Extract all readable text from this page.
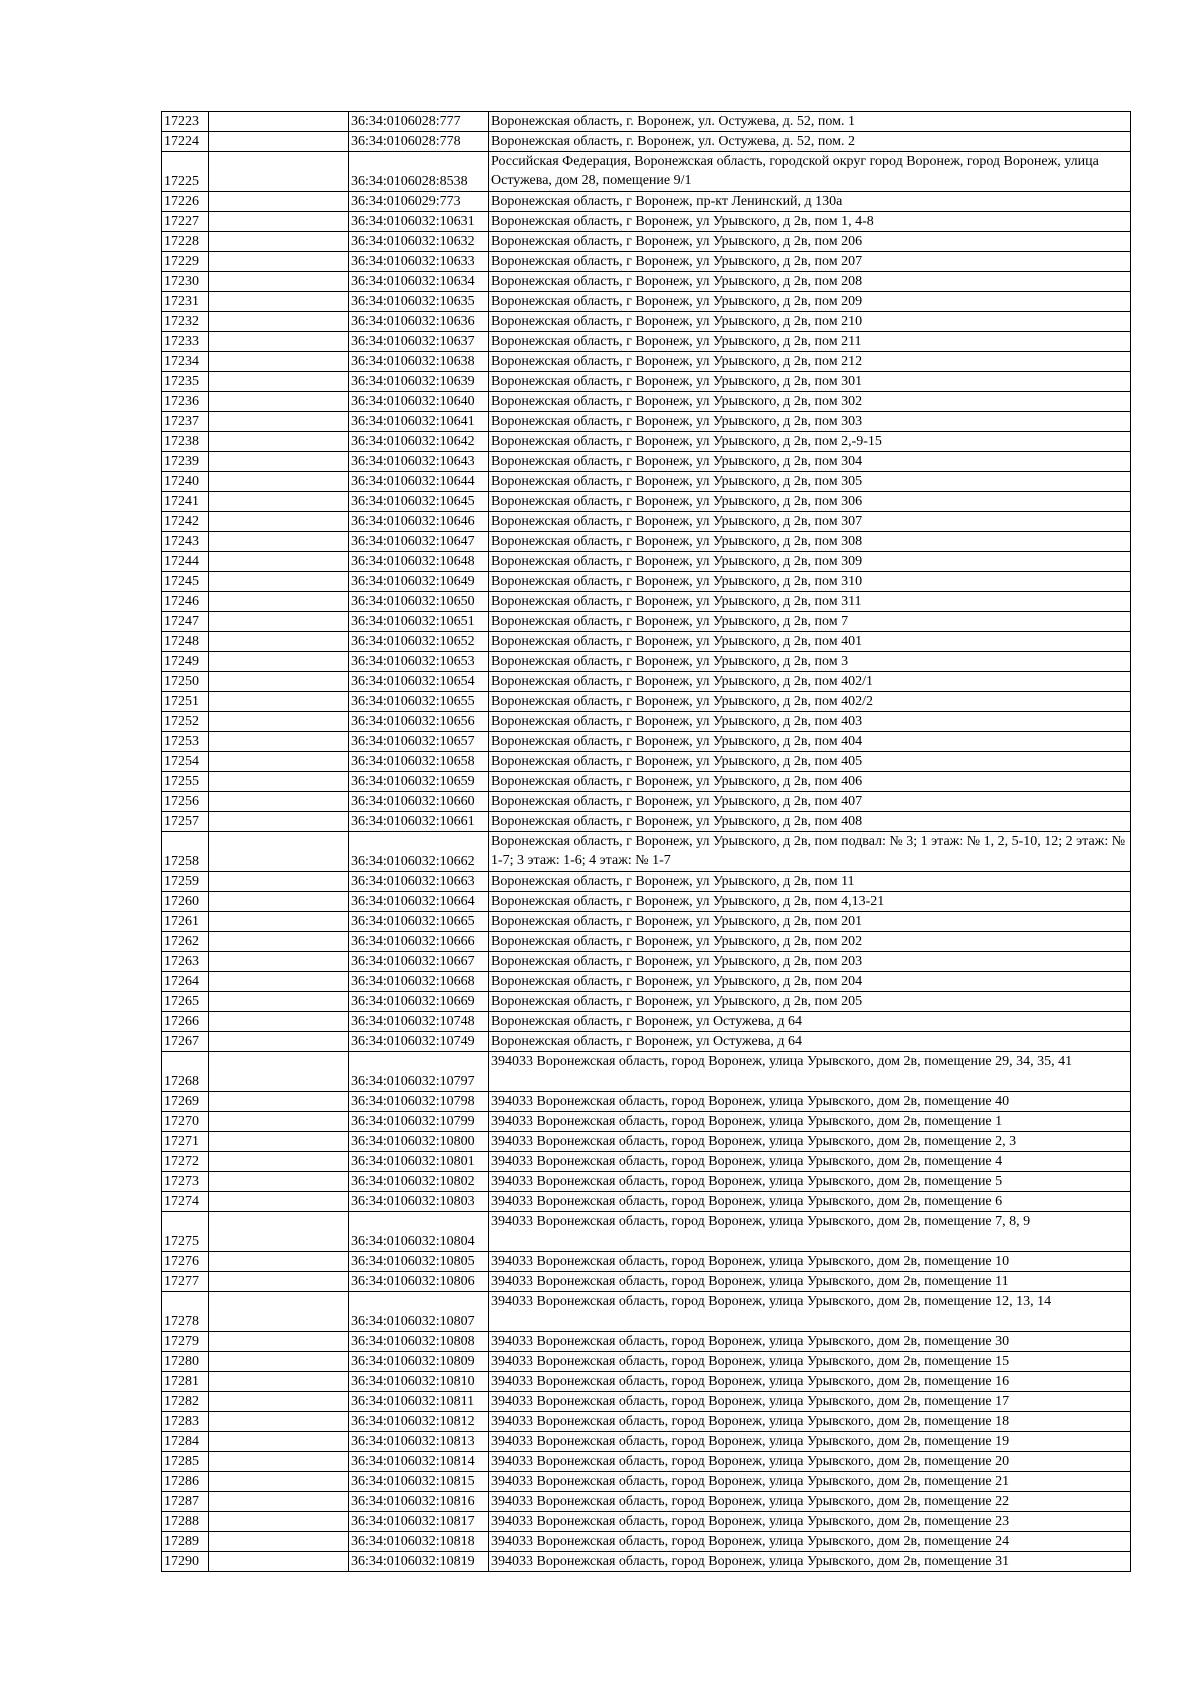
17223		36:34:0106028:777	Воронежская область, г. Воронеж, ул. Остужева, д. 52, пом. 1
17224		36:34:0106028:778	Воронежская область, г. Воронеж, ул. Остужева, д. 52, пом. 2
17225		36:34:0106028:8538	Российская Федерация, Воронежская область, городской округ город Воронеж, город Воронеж, улица Остужева, дом 28, помещение 9/1
17226		36:34:0106029:773	Воронежская область, г Воронеж, пр-кт Ленинский, д 130а
17227		36:34:0106032:10631	Воронежская область, г Воронеж, ул Урывского, д 2в, пом 1, 4-8
17228		36:34:0106032:10632	Воронежская область, г Воронеж, ул Урывского, д 2в, пом 206
17229		36:34:0106032:10633	Воронежская область, г Воронеж, ул Урывского, д 2в, пом 207
17230		36:34:0106032:10634	Воронежская область, г Воронеж, ул Урывского, д 2в, пом 208
17231		36:34:0106032:10635	Воронежская область, г Воронеж, ул Урывского, д 2в, пом 209
17232		36:34:0106032:10636	Воронежская область, г Воронеж, ул Урывского, д 2в, пом 210
17233		36:34:0106032:10637	Воронежская область, г Воронеж, ул Урывского, д 2в, пом 211
17234		36:34:0106032:10638	Воронежская область, г Воронеж, ул Урывского, д 2в, пом 212
17235		36:34:0106032:10639	Воронежская область, г Воронеж, ул Урывского, д 2в, пом 301
17236		36:34:0106032:10640	Воронежская область, г Воронеж, ул Урывского, д 2в, пом 302
17237		36:34:0106032:10641	Воронежская область, г Воронеж, ул Урывского, д 2в, пом 303
17238		36:34:0106032:10642	Воронежская область, г Воронеж, ул Урывского, д 2в, пом 2,-9-15
17239		36:34:0106032:10643	Воронежская область, г Воронеж, ул Урывского, д 2в, пом 304
17240		36:34:0106032:10644	Воронежская область, г Воронеж, ул Урывского, д 2в, пом 305
17241		36:34:0106032:10645	Воронежская область, г Воронеж, ул Урывского, д 2в, пом 306
17242		36:34:0106032:10646	Воронежская область, г Воронеж, ул Урывского, д 2в, пом 307
17243		36:34:0106032:10647	Воронежская область, г Воронеж, ул Урывского, д 2в, пом 308
17244		36:34:0106032:10648	Воронежская область, г Воронеж, ул Урывского, д 2в, пом 309
17245		36:34:0106032:10649	Воронежская область, г Воронеж, ул Урывского, д 2в, пом 310
17246		36:34:0106032:10650	Воронежская область, г Воронеж, ул Урывского, д 2в, пом 311
17247		36:34:0106032:10651	Воронежская область, г Воронеж, ул Урывского, д 2в, пом 7
17248		36:34:0106032:10652	Воронежская область, г Воронеж, ул Урывского, д 2в, пом 401
17249		36:34:0106032:10653	Воронежская область, г Воронеж, ул Урывского, д 2в, пом 3
17250		36:34:0106032:10654	Воронежская область, г Воронеж, ул Урывского, д 2в, пом 402/1
17251		36:34:0106032:10655	Воронежская область, г Воронеж, ул Урывского, д 2в, пом 402/2
17252		36:34:0106032:10656	Воронежская область, г Воронеж, ул Урывского, д 2в, пом 403
17253		36:34:0106032:10657	Воронежская область, г Воронеж, ул Урывского, д 2в, пом 404
17254		36:34:0106032:10658	Воронежская область, г Воронеж, ул Урывского, д 2в, пом 405
17255		36:34:0106032:10659	Воронежская область, г Воронеж, ул Урывского, д 2в, пом 406
17256		36:34:0106032:10660	Воронежская область, г Воронеж, ул Урывского, д 2в, пом 407
17257		36:34:0106032:10661	Воронежская область, г Воронеж, ул Урывского, д 2в, пом 408
17258		36:34:0106032:10662	Воронежская область, г Воронеж, ул Урывского, д 2в, пом подвал: № 3; 1 этаж: № 1, 2, 5-10, 12; 2 этаж: № 1-7; 3 этаж: 1-6; 4 этаж: № 1-7
17259		36:34:0106032:10663	Воронежская область, г Воронеж, ул Урывского, д 2в, пом 11
17260		36:34:0106032:10664	Воронежская область, г Воронеж, ул Урывского, д 2в, пом 4,13-21
17261		36:34:0106032:10665	Воронежская область, г Воронеж, ул Урывского, д 2в, пом 201
17262		36:34:0106032:10666	Воронежская область, г Воронеж, ул Урывского, д 2в, пом 202
17263		36:34:0106032:10667	Воронежская область, г Воронеж, ул Урывского, д 2в, пом 203
17264		36:34:0106032:10668	Воронежская область, г Воронеж, ул Урывского, д 2в, пом 204
17265		36:34:0106032:10669	Воронежская область, г Воронеж, ул Урывского, д 2в, пом 205
17266		36:34:0106032:10748	Воронежская область, г Воронеж, ул Остужева, д 64
17267		36:34:0106032:10749	Воронежская область, г Воронеж, ул Остужева, д 64
17268		36:34:0106032:10797	394033 Воронежская область, город Воронеж, улица Урывского, дом 2в, помещение 29, 34, 35, 41
17269		36:34:0106032:10798	394033 Воронежская область, город Воронеж, улица Урывского, дом 2в, помещение 40
17270		36:34:0106032:10799	394033 Воронежская область, город Воронеж, улица Урывского, дом 2в, помещение 1
17271		36:34:0106032:10800	394033 Воронежская область, город Воронеж, улица Урывского, дом 2в, помещение 2, 3
17272		36:34:0106032:10801	394033 Воронежская область, город Воронеж, улица Урывского, дом 2в, помещение 4
17273		36:34:0106032:10802	394033 Воронежская область, город Воронеж, улица Урывского, дом 2в, помещение 5
17274		36:34:0106032:10803	394033 Воронежская область, город Воронеж, улица Урывского, дом 2в, помещение 6
17275		36:34:0106032:10804	394033 Воронежская область, город Воронеж, улица Урывского, дом 2в, помещение 7, 8, 9
17276		36:34:0106032:10805	394033 Воронежская область, город Воронеж, улица Урывского, дом 2в, помещение 10
17277		36:34:0106032:10806	394033 Воронежская область, город Воронеж, улица Урывского, дом 2в, помещение 11
17278		36:34:0106032:10807	394033 Воронежская область, город Воронеж, улица Урывского, дом 2в, помещение 12, 13, 14
17279		36:34:0106032:10808	394033 Воронежская область, город Воронеж, улица Урывского, дом 2в, помещение 30
17280		36:34:0106032:10809	394033 Воронежская область, город Воронеж, улица Урывского, дом 2в, помещение 15
17281		36:34:0106032:10810	394033 Воронежская область, город Воронеж, улица Урывского, дом 2в, помещение 16
17282		36:34:0106032:10811	394033 Воронежская область, город Воронеж, улица Урывского, дом 2в, помещение 17
17283		36:34:0106032:10812	394033 Воронежская область, город Воронеж, улица Урывского, дом 2в, помещение 18
17284		36:34:0106032:10813	394033 Воронежская область, город Воронеж, улица Урывского, дом 2в, помещение 19
17285		36:34:0106032:10814	394033 Воронежская область, город Воронеж, улица Урывского, дом 2в, помещение 20
17286		36:34:0106032:10815	394033 Воронежская область, город Воронеж, улица Урывского, дом 2в, помещение 21
17287		36:34:0106032:10816	394033 Воронежская область, город Воронеж, улица Урывского, дом 2в, помещение 22
17288		36:34:0106032:10817	394033 Воронежская область, город Воронеж, улица Урывского, дом 2в, помещение 23
17289		36:34:0106032:10818	394033 Воронежская область, город Воронеж, улица Урывского, дом 2в, помещение 24
17290		36:34:0106032:10819	394033 Воронежская область, город Воронеж, улица Урывского, дом 2в, помещение 31
